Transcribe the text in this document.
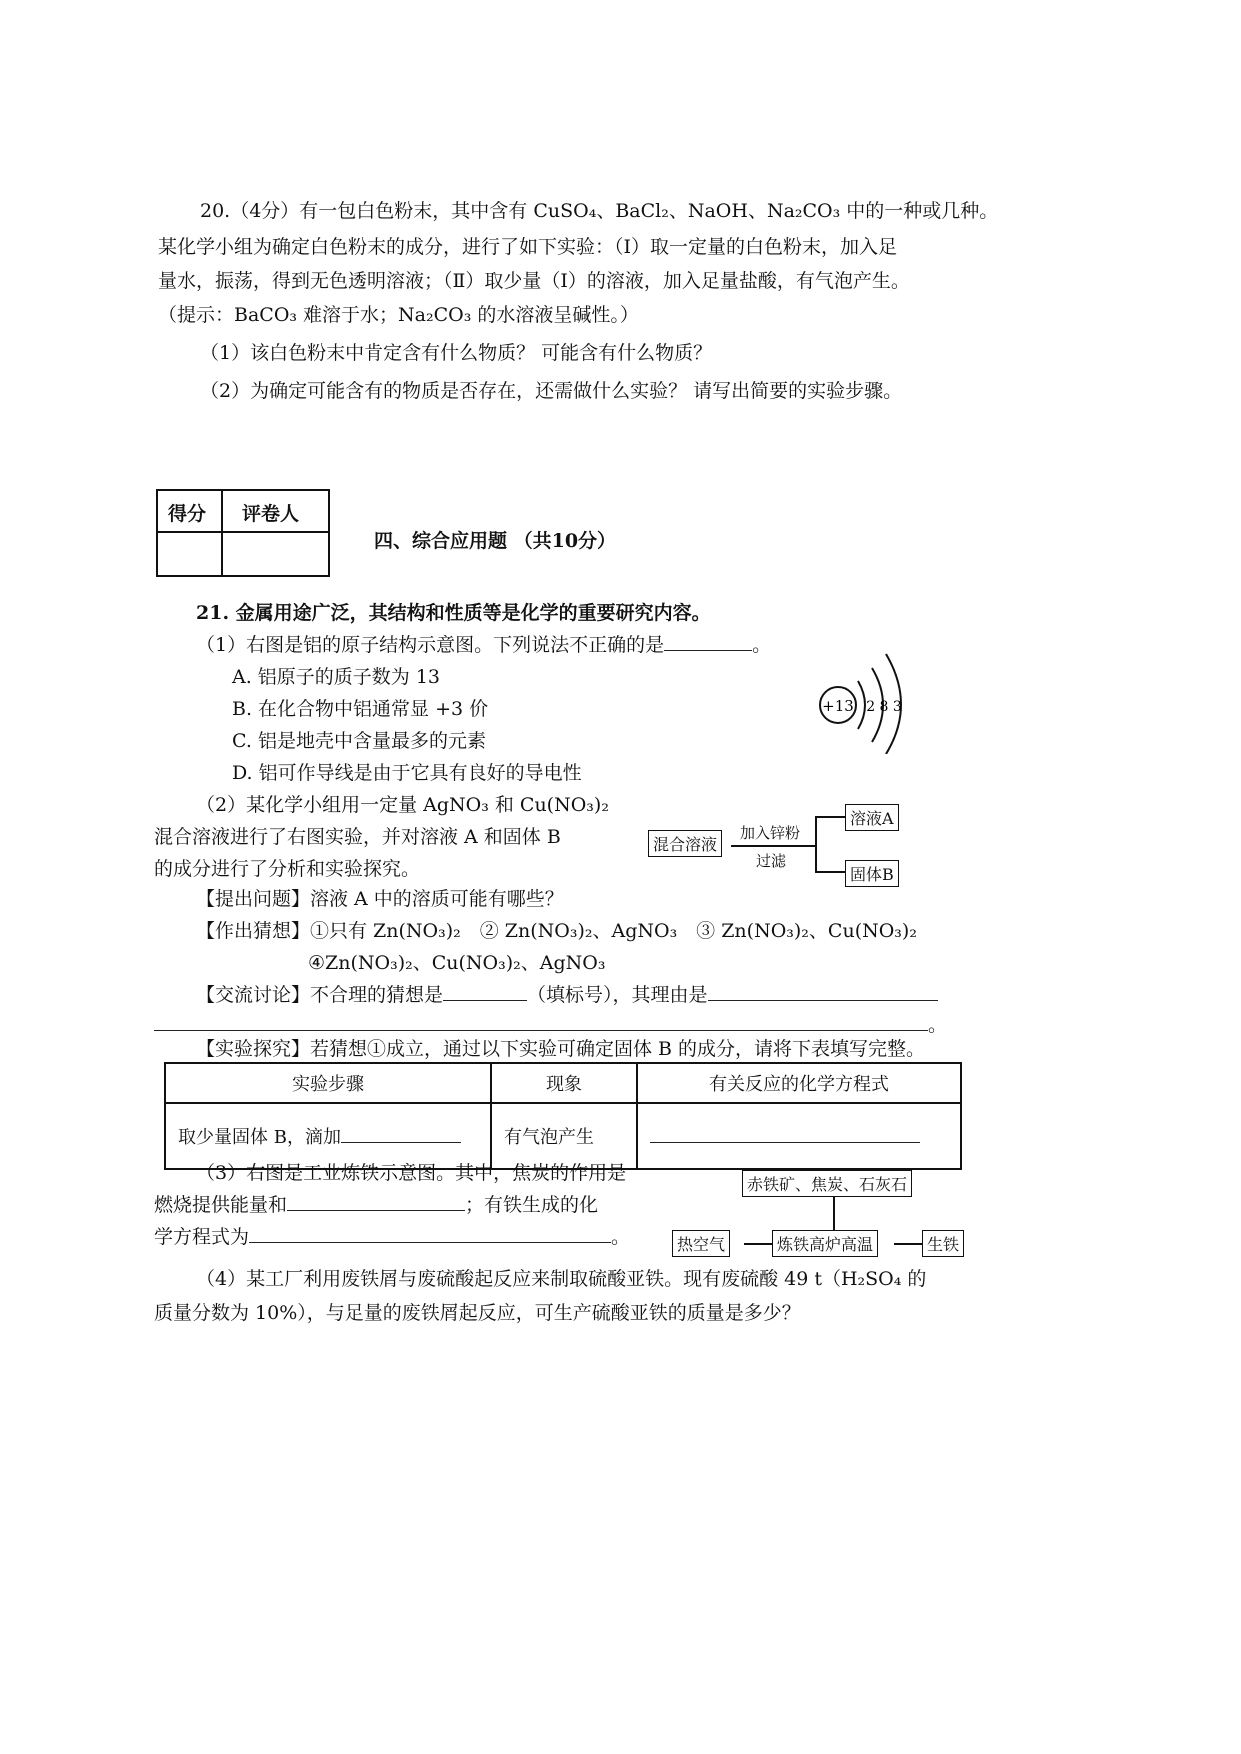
20.（4分）有一包白色粉末，其中含有 CuSO₄、BaCl₂、NaOH、Na₂CO₃ 中的一种或几种。
某化学小组为确定白色粉末的成分，进行了如下实验：（Ⅰ）取一定量的白色粉末，加入足
量水，振荡，得到无色透明溶液；（Ⅱ）取少量（Ⅰ）的溶液，加入足量盐酸，有气泡产生。
（提示：BaCO₃ 难溶于水；Na₂CO₃ 的水溶液呈碱性。）
（1）该白色粉末中肯定含有什么物质？ 可能含有什么物质？
（2）为确定可能含有的物质是否存在，还需做什么实验？ 请写出简要的实验步骤。
得分 评卷人
四、综合应用题 （共10分）
21. 金属用途广泛，其结构和性质等是化学的重要研究内容。
（1）右图是铝的原子结构示意图。下列说法不正确的是	。
A. 铝原子的质子数为 13
B. 在化合物中铝通常显 +3 价
C. 铝是地壳中含量最多的元素
D. 铝可作导线是由于它具有良好的导电性
+13 2 8 3
（2）某化学小组用一定量 AgNO₃ 和 Cu(NO₃)₂
混合溶液进行了右图实验，并对溶液 A 和固体 B
的成分进行了分析和实验探究。
混合溶液
加入锌粉
过滤
溶液A
固体B
【提出问题】溶液 A 中的溶质可能有哪些？
【作出猜想】①只有 Zn(NO₃)₂　② Zn(NO₃)₂、AgNO₃　③ Zn(NO₃)₂、Cu(NO₃)₂
④Zn(NO₃)₂、Cu(NO₃)₂、AgNO₃
【交流讨论】不合理的猜想是	（填标号），其理由是
。
【实验探究】若猜想①成立，通过以下实验可确定固体 B 的成分，请将下表填写完整。
实验步骤	现象	有关反应的化学方程式
取少量固体 B，滴加	有气泡产生	
（3）右图是工业炼铁示意图。其中，焦炭的作用是
燃烧提供能量和	；有铁生成的化
学方程式为	。
赤铁矿、焦炭、石灰石
热空气	炼铁高炉高温	生铁
（4）某工厂利用废铁屑与废硫酸起反应来制取硫酸亚铁。现有废硫酸 49 t（H₂SO₄ 的
质量分数为 10%），与足量的废铁屑起反应，可生产硫酸亚铁的质量是多少？
